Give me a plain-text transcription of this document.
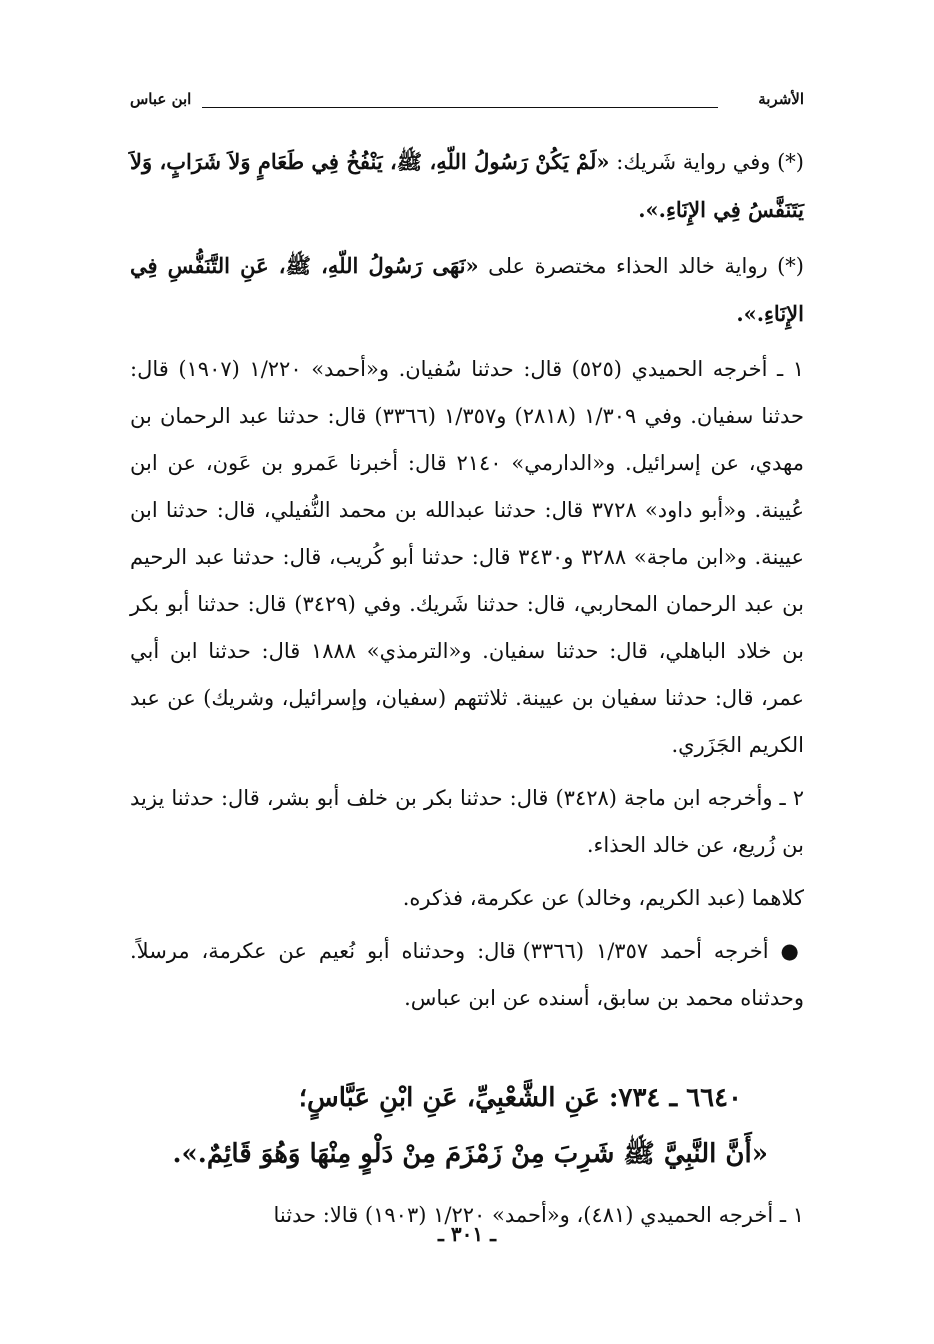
الأشربة
ابن عباس

(*) وفي رواية شَريك: «لَمْ يَكُنْ رَسُولُ اللّهِ، ﷺ، يَنْفُخُ فِي طَعَامٍ وَلاَ شَرَابٍ، وَلاَ يَتَنَفَّسُ فِي الإِنَاءِ.».

(*) رواية خالد الحذاء مختصرة على «نَهَى رَسُولُ اللّهِ، ﷺ، عَنِ التَّنَفُّسِ فِي الإِنَاءِ.».

١ ـ أخرجه الحميدي (٥٢٥) قال: حدثنا سُفيان. و«أحمد» ١/٢٢٠ (١٩٠٧) قال: حدثنا سفيان. وفي ١/٣٠٩ (٢٨١٨) و١/٣٥٧ (٣٣٦٦) قال: حدثنا عبد الرحمان بن مهدي، عن إسرائيل. و«الدارمي» ٢١٤٠ قال: أخبرنا عَمرو بن عَون، عن ابن عُيينة. و«أبو داود» ٣٧٢٨ قال: حدثنا عبدالله بن محمد النُّفيلي، قال: حدثنا ابن عيينة. و«ابن ماجة» ٣٢٨٨ و٣٤٣٠ قال: حدثنا أبو كُريب، قال: حدثنا عبد الرحيم بن عبد الرحمان المحاربي، قال: حدثنا شَريك. وفي (٣٤٢٩) قال: حدثنا أبو بكر بن خلاد الباهلي، قال: حدثنا سفيان. و«الترمذي» ١٨٨٨ قال: حدثنا ابن أبي عمر، قال: حدثنا سفيان بن عيينة. ثلاثتهم (سفيان، وإسرائيل، وشريك) عن عبد الكريم الجَزَري.

٢ ـ وأخرجه ابن ماجة (٣٤٢٨) قال: حدثنا بكر بن خلف أبو بشر، قال: حدثنا يزيد بن زُريع، عن خالد الحذاء.

كلاهما (عبد الكريم، وخالد) عن عكرمة، فذكره.

● أخرجه أحمد ١/٣٥٧ (٣٣٦٦) قال: وحدثناه أبو نُعيم عن عكرمة، مرسلاً. وحدثناه محمد بن سابق، أسنده عن ابن عباس.

٦٦٤٠ ـ ٧٣٤: عَنِ الشَّعْبِيِّ، عَنِ ابْنِ عَبَّاسٍ؛
«أَنَّ النَّبِيَّ ﷺ شَرِبَ مِنْ زَمْزَمَ مِنْ دَلْوٍ مِنْهَا وَهُوَ قَائِمٌ.».

١ ـ أخرجه الحميدي (٤٨١)، و«أحمد» ١/٢٢٠ (١٩٠٣) قالا: حدثنا

ـ ٣٠١ ـ
